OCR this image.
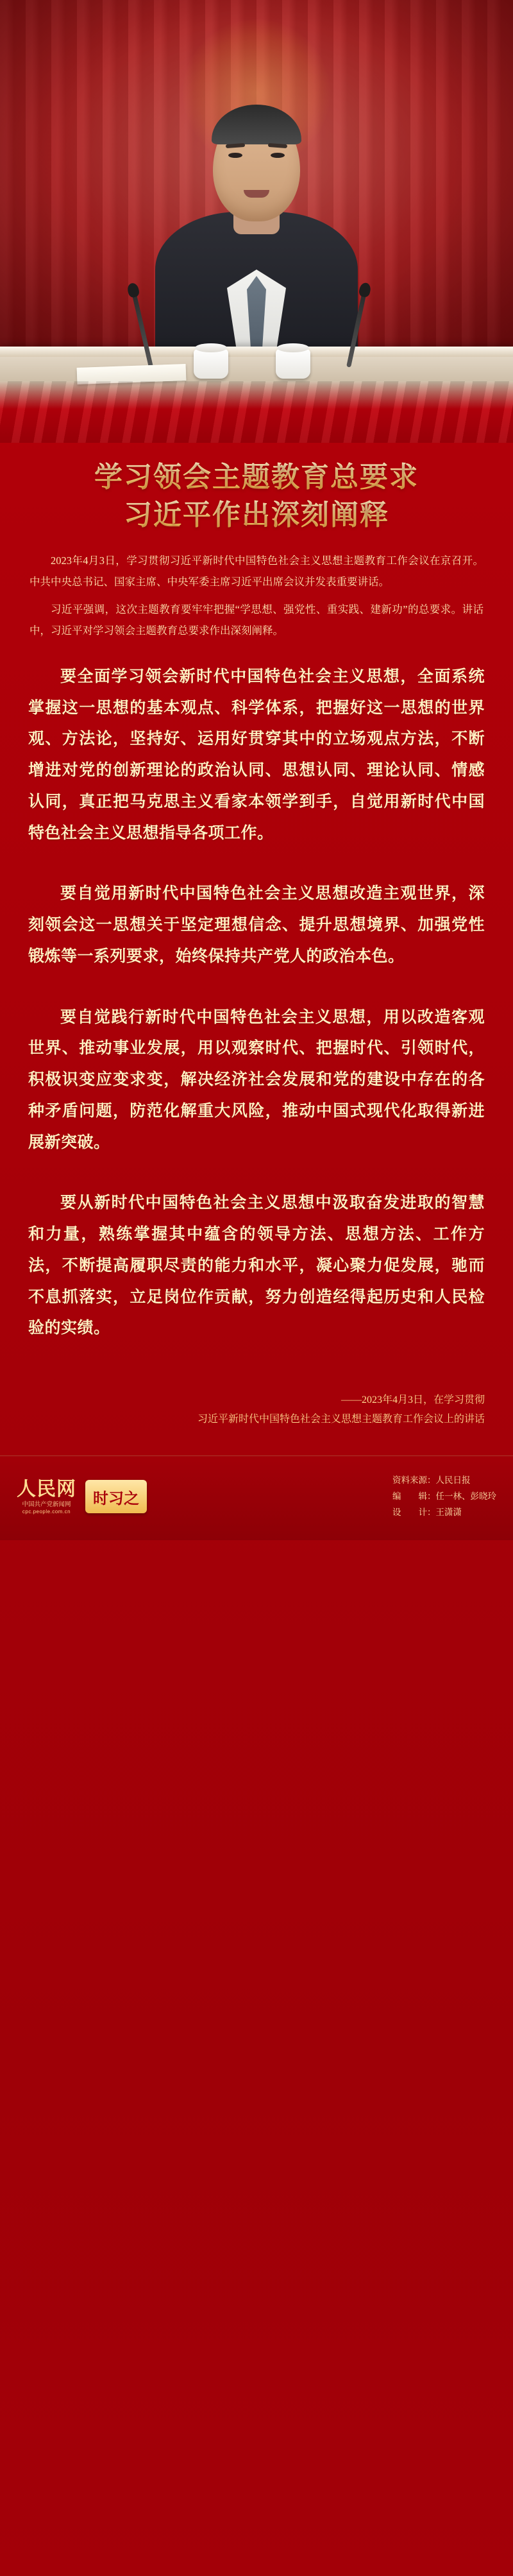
学习领会主题教育总要求
习近平作出深刻阐释

2023年4月3日，学习贯彻习近平新时代中国特色社会主义思想主题教育工作会议在京召开。中共中央总书记、国家主席、中央军委主席习近平出席会议并发表重要讲话。

习近平强调，这次主题教育要牢牢把握“学思想、强党性、重实践、建新功”的总要求。讲话中，习近平对学习领会主题教育总要求作出深刻阐释。

要全面学习领会新时代中国特色社会主义思想，全面系统掌握这一思想的基本观点、科学体系，把握好这一思想的世界观、方法论，坚持好、运用好贯穿其中的立场观点方法，不断增进对党的创新理论的政治认同、思想认同、理论认同、情感认同，真正把马克思主义看家本领学到手，自觉用新时代中国特色社会主义思想指导各项工作。

要自觉用新时代中国特色社会主义思想改造主观世界，深刻领会这一思想关于坚定理想信念、提升思想境界、加强党性锻炼等一系列要求，始终保持共产党人的政治本色。

要自觉践行新时代中国特色社会主义思想，用以改造客观世界、推动事业发展，用以观察时代、把握时代、引领时代，积极识变应变求变，解决经济社会发展和党的建设中存在的各种矛盾问题，防范化解重大风险，推动中国式现代化取得新进展新突破。

要从新时代中国特色社会主义思想中汲取奋发进取的智慧和力量，熟练掌握其中蕴含的领导方法、思想方法、工作方法，不断提高履职尽责的能力和水平，凝心聚力促发展，驰而不息抓落实，立足岗位作贡献，努力创造经得起历史和人民检验的实绩。

——2023年4月3日，在学习贯彻
习近平新时代中国特色社会主义思想主题教育工作会议上的讲话
人民网
中国共产党新闻网
cpc.people.com.cn
时习之
资料来源：人民日报
编　　辑：任一林、彭晓玲
设　　计：王潇潇
